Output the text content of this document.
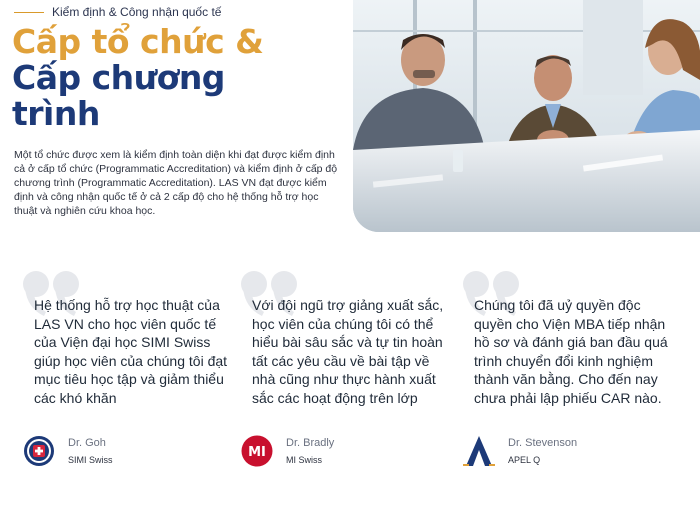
Kiểm định & Công nhận quốc tế
Cấp tổ chức &
Cấp chương
trình

Một tổ chức được xem là kiểm định toàn diện khi đạt được kiểm định cả ở cấp tổ chức (Programmatic Accreditation) và kiểm định ở cấp độ chương trình (Programmatic Accreditation). LAS VN đạt được kiểm định và công nhận quốc tế ở cả 2 cấp độ cho hệ thống hỗ trợ học thuật và nghiên cứu khoa học.

Hệ thống hỗ trợ học thuật của LAS VN cho học viên quốc tế của Viện đại học SIMI Swiss giúp học viên của chúng tôi đạt mục tiêu học tập và giảm thiểu các khó khăn

Dr. Goh
SIMI Swiss

Với đội ngũ trợ giảng xuất sắc, học viên của chúng tôi có thể hiểu bài sâu sắc và tự tin hoàn tất các yêu cầu về bài tập về nhà cũng như thực hành xuất sắc các hoạt động trên lớp

MI
Dr. Bradly
MI Swiss

Chúng tôi đã uỷ quyền độc quyền cho Viện MBA tiếp nhận hồ sơ và đánh giá ban đầu quá trình chuyển đổi kinh nghiệm thành văn bằng. Cho đến nay chưa phải lập phiếu CAR nào.

Dr. Stevenson
APEL Q
